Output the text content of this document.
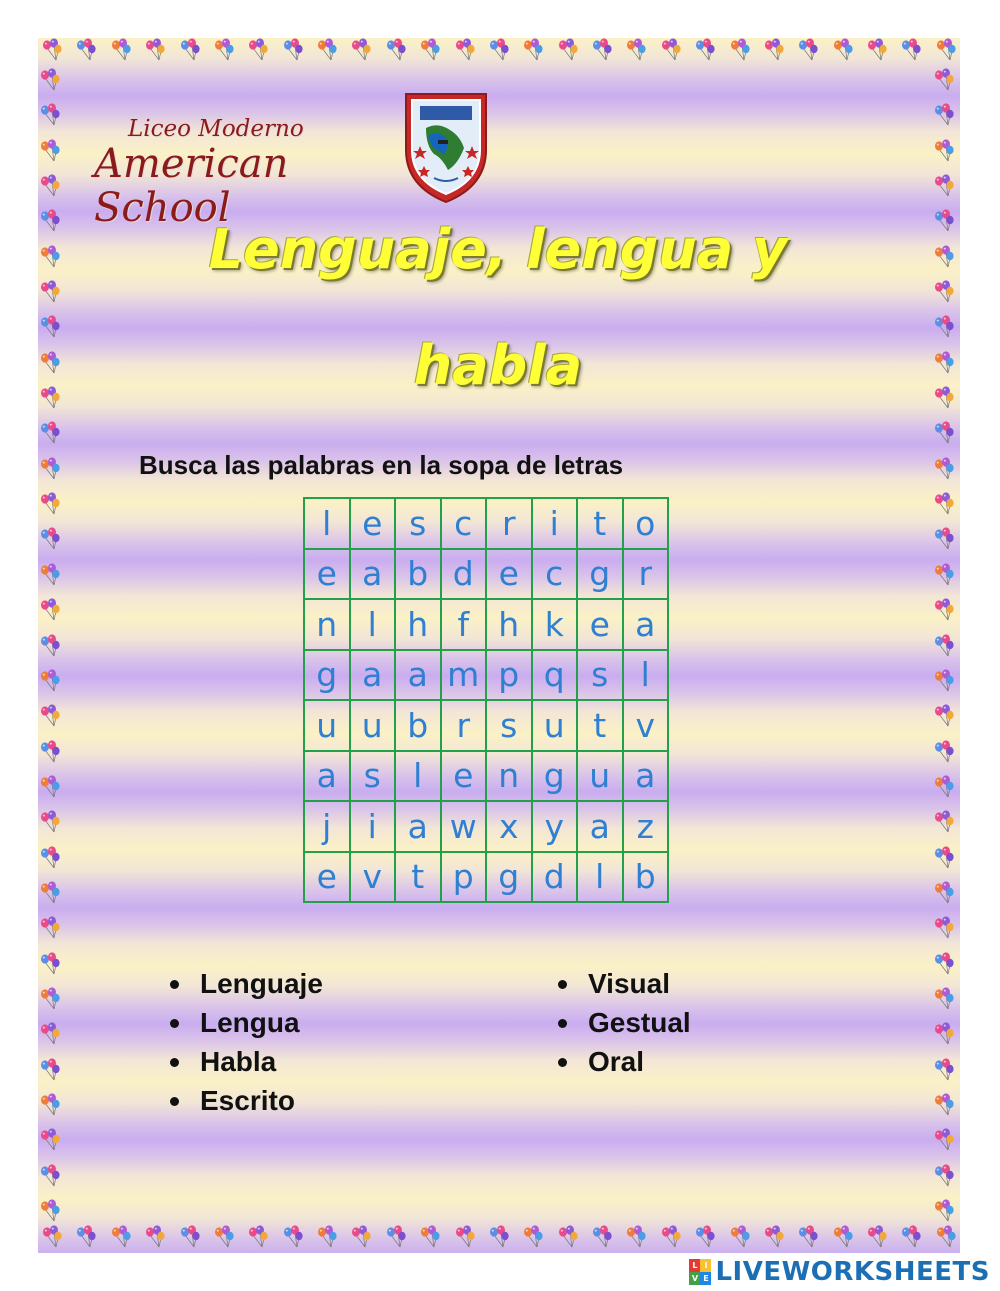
Liceo Moderno
American School
Lenguaje, lengua y
habla
Busca las palabras en la sopa de letras
l	e	s	c	r	i	t	o
e	a	b	d	e	c	g	r
n	l	h	f	h	k	e	a
g	a	a	m	p	q	s	l
u	u	b	r	s	u	t	v
a	s	l	e	n	g	u	a
j	i	a	w	x	y	a	z
e	v	t	p	g	d	l	b
Lenguaje
Lengua
Habla
Escrito
Visual
Gestual
Oral
L I
V E LIVEWORKSHEETS
